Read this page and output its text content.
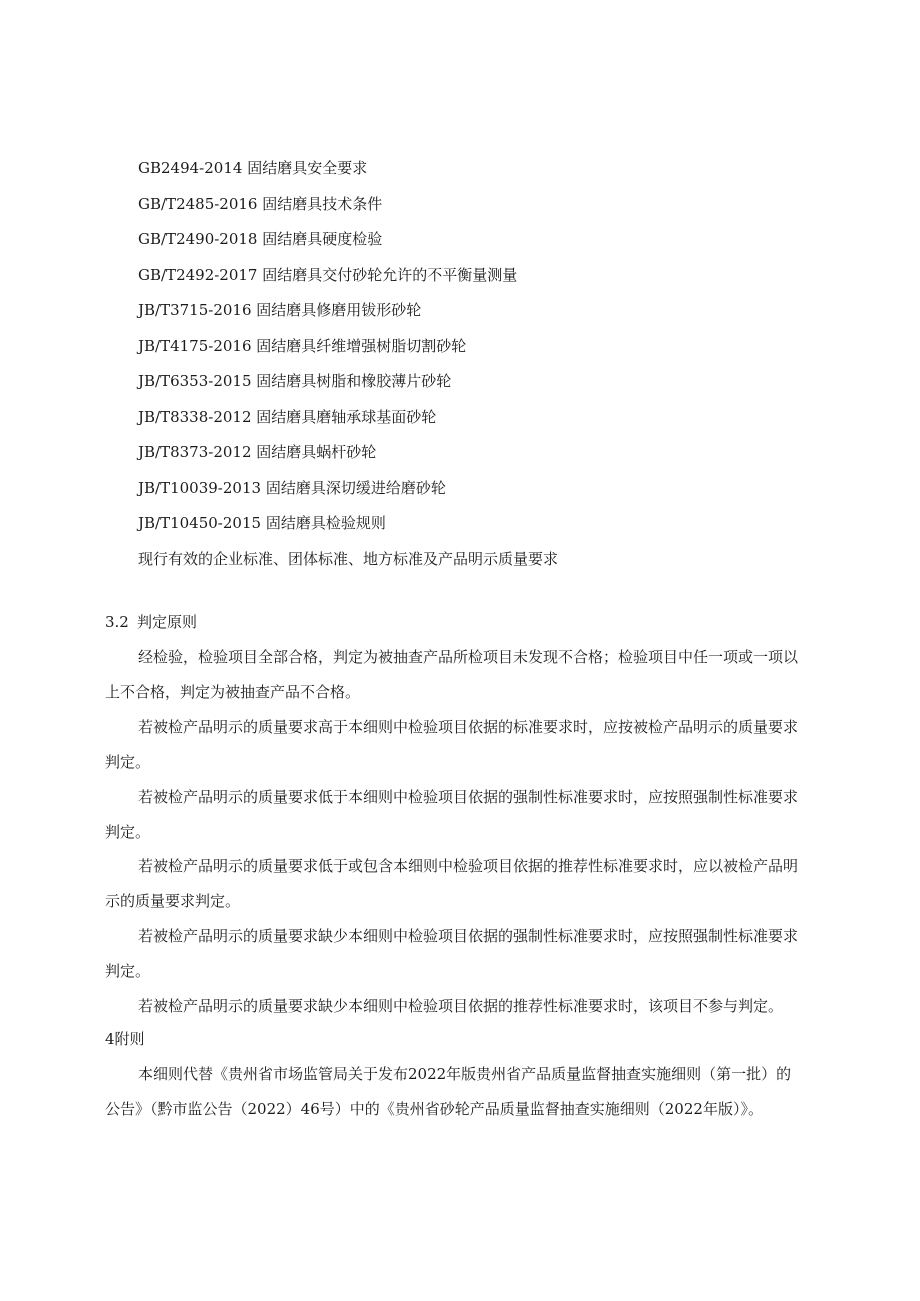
GB2494-2014 固结磨具安全要求
GB/T2485-2016 固结磨具技术条件
GB/T2490-2018 固结磨具硬度检验
GB/T2492-2017 固结磨具交付砂轮允许的不平衡量测量
JB/T3715-2016 固结磨具修磨用钹形砂轮
JB/T4175-2016 固结磨具纤维增强树脂切割砂轮
JB/T6353-2015 固结磨具树脂和橡胶薄片砂轮
JB/T8338-2012 固结磨具磨轴承球基面砂轮
JB/T8373-2012 固结磨具蜗杆砂轮
JB/T10039-2013 固结磨具深切缓进给磨砂轮
JB/T10450-2015 固结磨具检验规则
现行有效的企业标准、团体标准、地方标准及产品明示质量要求
3.2 判定原则
经检验，检验项目全部合格，判定为被抽查产品所检项目未发现不合格；检验项目中任一项或一项以
上不合格，判定为被抽查产品不合格。
若被检产品明示的质量要求高于本细则中检验项目依据的标准要求时，应按被检产品明示的质量要求
判定。
若被检产品明示的质量要求低于本细则中检验项目依据的强制性标准要求时，应按照强制性标准要求
判定。
若被检产品明示的质量要求低于或包含本细则中检验项目依据的推荐性标准要求时，应以被检产品明
示的质量要求判定。
若被检产品明示的质量要求缺少本细则中检验项目依据的强制性标准要求时，应按照强制性标准要求
判定。
若被检产品明示的质量要求缺少本细则中检验项目依据的推荐性标准要求时，该项目不参与判定。
4附则
本细则代替《贵州省市场监管局关于发布2022年版贵州省产品质量监督抽查实施细则（第一批）的
公告》（黔市监公告（2022）46号）中的《贵州省砂轮产品质量监督抽查实施细则（2022年版）》。
